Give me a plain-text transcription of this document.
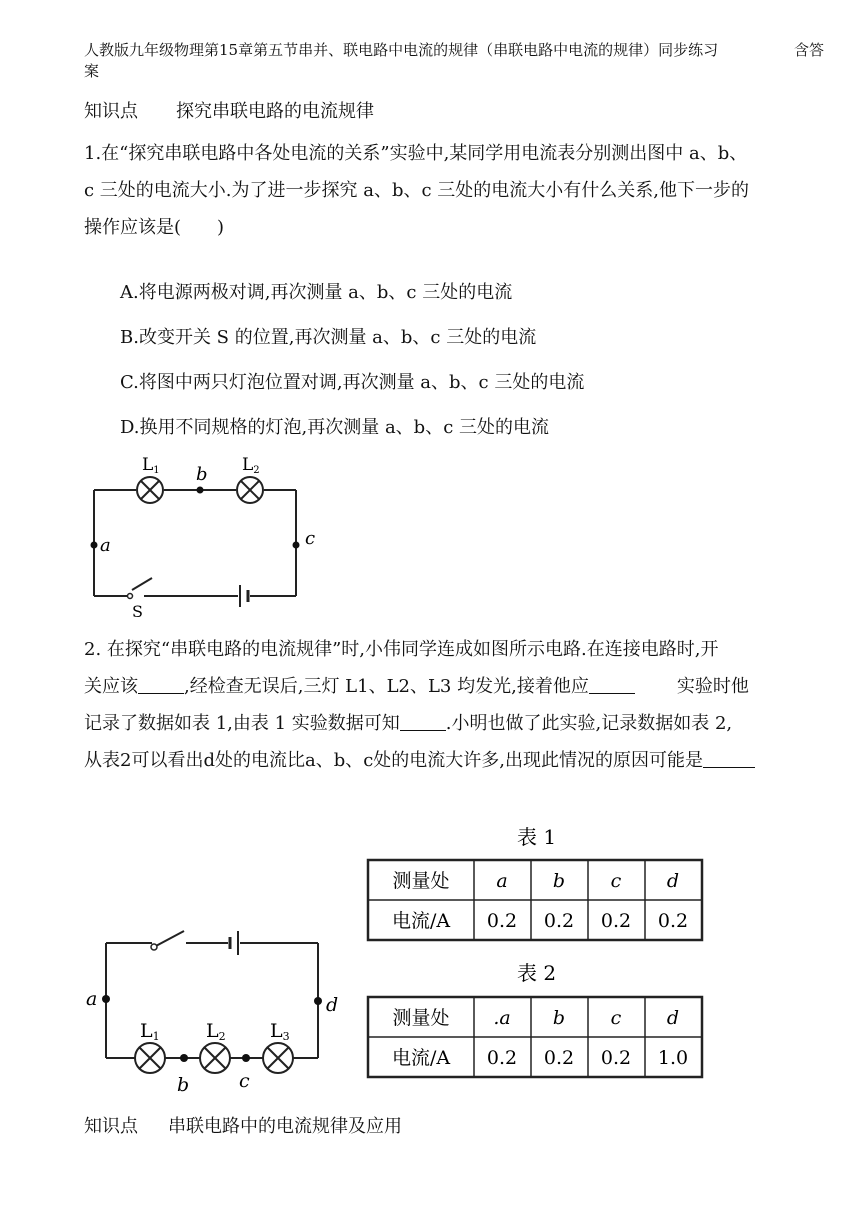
含答
人教版九年级物理第15章第五节串并、联电路中电流的规律（串联电路中电流的规律）同步练习
案
知识点 探究串联电路的电流规律
1.在“探究串联电路中各处电流的关系”实验中,某同学用电流表分别测出图中 a、b、
c 三处的电流大小.为了进一步探究 a、b、c 三处的电流大小有什么关系,他下一步的
操作应该是(　　)
A.将电源两极对调,再次测量 a、b、c 三处的电流
B.改变开关 S 的位置,再次测量 a、b、c 三处的电流
C.将图中两只灯泡位置对调,再次测量 a、b、c 三处的电流
D.换用不同规格的灯泡,再次测量 a、b、c 三处的电流
L1	L2
b
a	c
S
2. 在探究“串联电路的电流规律”时,小伟同学连成如图所示电路.在连接电路时,开
关应该	,经检查无误后,三灯 L1、L2、L3 均发光,接着他应	实验时他
记录了数据如表 1,由表 1 实验数据可知	.小明也做了此实验,记录数据如表 2,
从表2可以看出d处的电流比a、b、c处的电流大许多,出现此情况的原因可能是
a	d
b	c
L1 L2 L3
表 1
测量处 a b c d
电流/A 0.2 0.2 0.2 0.2
表 2
测量处 .a b c d
电流/A 0.2 0.2 0.2 1.0
知识点 串联电路中的电流规律及应用
